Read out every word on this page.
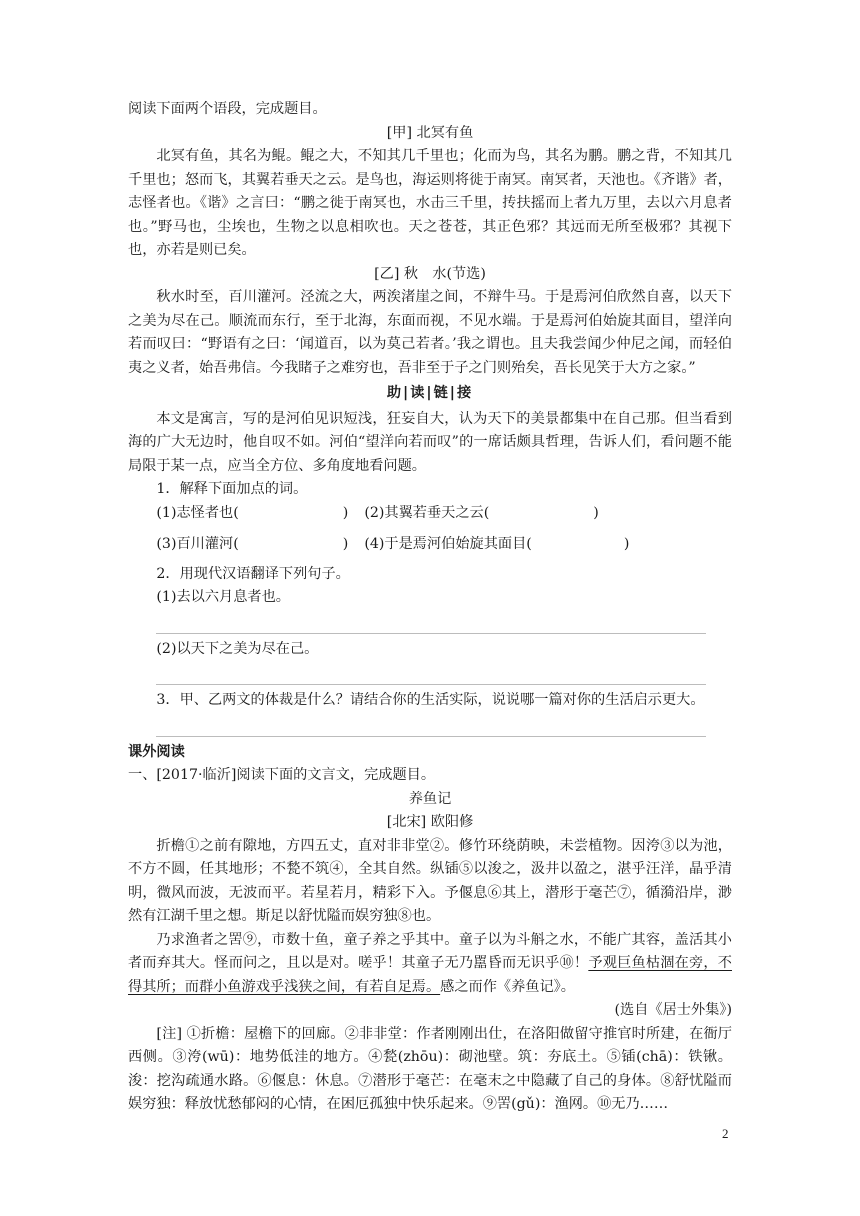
阅读下面两个语段，完成题目。

[甲] 北冥有鱼

北冥有鱼，其名为鲲。鲲之大，不知其几千里也；化而为鸟，其名为鹏。鹏之背，不知其几千里也；怒而飞，其翼若垂天之云。是鸟也，海运则将徙于南冥。南冥者，天池也。《齐谐》者，志怪者也。《谐》之言曰：“鹏之徙于南冥也，水击三千里，抟扶摇而上者九万里，去以六月息者也。”野马也，尘埃也，生物之以息相吹也。天之苍苍，其正色邪？其远而无所至极邪？其视下也，亦若是则已矣。

[乙] 秋　水(节选)

秋水时至，百川灌河。泾流之大，两涘渚崖之间，不辩牛马。于是焉河伯欣然自喜，以天下之美为尽在己。顺流而东行，至于北海，东面而视，不见水端。于是焉河伯始旋其面目，望洋向若而叹曰：“野语有之曰：‘闻道百，以为莫己若者。’我之谓也。且夫我尝闻少仲尼之闻，而轻伯夷之义者，始吾弗信。今我睹子之难穷也，吾非至于子之门则殆矣，吾长见笑于大方之家。”

助|读|链|接

本文是寓言，写的是河伯见识短浅，狂妄自大，认为天下的美景都集中在自己那。但当看到海的广大无边时，他自叹不如。河伯“望洋向若而叹”的一席话颇具哲理，告诉人们，看问题不能局限于某一点，应当全方位、多角度地看问题。

1．解释下面加点的词。

(1)志怪者也(	) (2)其翼若垂天之云(	)
(3)百川灌河(	) (4)于是焉河伯始旋其面目(	)

2．用现代汉语翻译下列句子。

(1)去以六月息者也。

(2)以天下之美为尽在己。

3．甲、乙两文的体裁是什么？请结合你的生活实际，说说哪一篇对你的生活启示更大。

课外阅读

一、[2017·临沂]阅读下面的文言文，完成题目。

养鱼记

[北宋] 欧阳修

折檐①之前有隙地，方四五丈，直对非非堂②。修竹环绕荫映，未尝植物。因洿③以为池，不方不圆，任其地形；不甃不筑④，全其自然。纵锸⑤以浚之，汲井以盈之，湛乎汪洋，晶乎清明，微风而波，无波而平。若星若月，精彩下入。予偃息⑥其上，潜形于毫芒⑦，循漪沿岸，渺然有江湖千里之想。斯足以舒忧隘而娱穷独⑧也。

乃求渔者之罟⑨，市数十鱼，童子养之乎其中。童子以为斗斛之水，不能广其容，盖活其小者而弃其大。怪而问之，且以是对。嗟乎！其童子无乃嚚昏而无识乎⑩！予观巨鱼枯涸在旁，不得其所；而群小鱼游戏乎浅狭之间，有若自足焉。感之而作《养鱼记》。

(选自《居士外集》)

[注] ①折檐：屋檐下的回廊。②非非堂：作者刚刚出仕，在洛阳做留守推官时所建，在衙厅西侧。③洿(wū)：地势低洼的地方。④甃(zhōu)：砌池壁。筑：夯底土。⑤锸(chā)：铁锹。浚：挖沟疏通水路。⑥偃息：休息。⑦潜形于毫芒：在毫末之中隐藏了自己的身体。⑧舒忧隘而娱穷独：释放忧愁郁闷的心情，在困厄孤独中快乐起来。⑨罟(gǔ)：渔网。⑩无乃……

2
